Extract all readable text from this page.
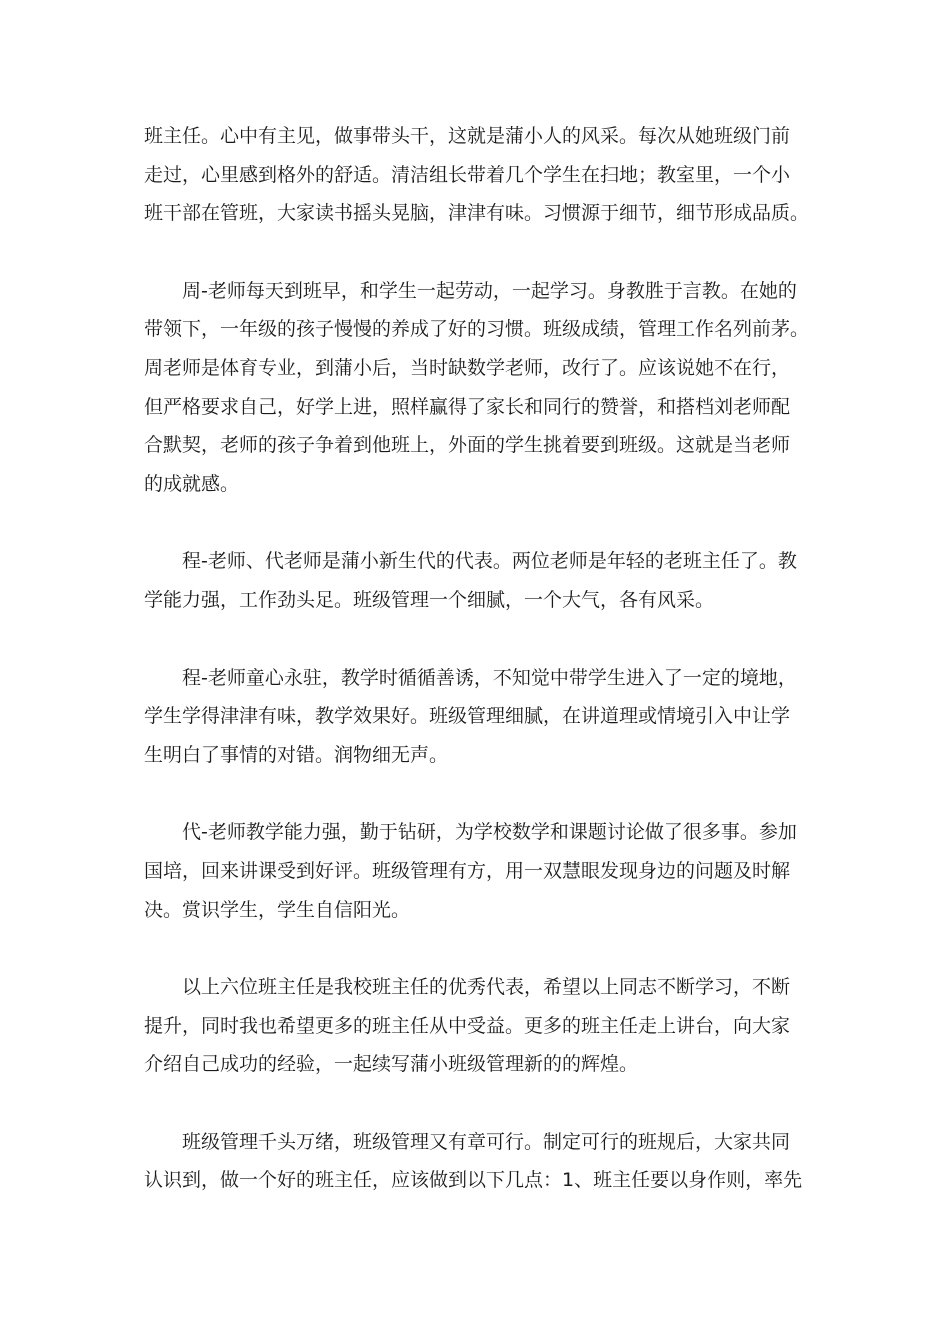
班主任。心中有主见，做事带头干，这就是蒲小人的风采。每次从她班级门前
走过，心里感到格外的舒适。清洁组长带着几个学生在扫地；教室里，一个小
班干部在管班，大家读书摇头晃脑，津津有味。习惯源于细节，细节形成品质。
周-老师每天到班早，和学生一起劳动，一起学习。身教胜于言教。在她的
带领下，一年级的孩子慢慢的养成了好的习惯。班级成绩，管理工作名列前茅。
周老师是体育专业，到蒲小后，当时缺数学老师，改行了。应该说她不在行，
但严格要求自己，好学上进，照样赢得了家长和同行的赞誉，和搭档刘老师配
合默契，老师的孩子争着到他班上，外面的学生挑着要到班级。这就是当老师
的成就感。
程-老师、代老师是蒲小新生代的代表。两位老师是年轻的老班主任了。教
学能力强，工作劲头足。班级管理一个细腻，一个大气，各有风采。
程-老师童心永驻，教学时循循善诱，不知觉中带学生进入了一定的境地，
学生学得津津有味，教学效果好。班级管理细腻，在讲道理或情境引入中让学
生明白了事情的对错。润物细无声。
代-老师教学能力强，勤于钻研，为学校数学和课题讨论做了很多事。参加
国培，回来讲课受到好评。班级管理有方，用一双慧眼发现身边的问题及时解
决。赏识学生，学生自信阳光。
以上六位班主任是我校班主任的优秀代表，希望以上同志不断学习，不断
提升，同时我也希望更多的班主任从中受益。更多的班主任走上讲台，向大家
介绍自己成功的经验，一起续写蒲小班级管理新的的辉煌。
班级管理千头万绪，班级管理又有章可行。制定可行的班规后，大家共同
认识到，做一个好的班主任，应该做到以下几点：1、班主任要以身作则，率先
